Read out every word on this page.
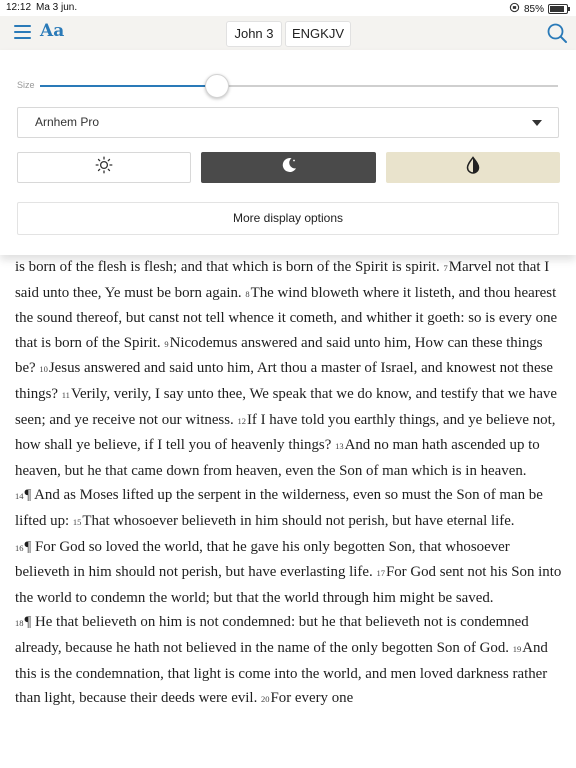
12:12 Ma 3 jun.	85%
Aa	John 3	ENGKJV
Size
Arnhem Pro
More display options

is born of the flesh is flesh; and that which is born of the Spirit is spirit. 7Marvel not that I said unto thee, Ye must be born again. 8The wind bloweth where it listeth, and thou hearest the sound thereof, but canst not tell whence it cometh, and whither it goeth: so is every one that is born of the Spirit. 9Nicodemus answered and said unto him, How can these things be? 10Jesus answered and said unto him, Art thou a master of Israel, and knowest not these things? 11Verily, verily, I say unto thee, We speak that we do know, and testify that we have seen; and ye receive not our witness. 12If I have told you earthly things, and ye believe not, how shall ye believe, if I tell you of heavenly things? 13And no man hath ascended up to heaven, but he that came down from heaven, even the Son of man which is in heaven.

14¶ And as Moses lifted up the serpent in the wilderness, even so must the Son of man be lifted up: 15That whosoever believeth in him should not perish, but have eternal life.

16¶ For God so loved the world, that he gave his only begotten Son, that whosoever believeth in him should not perish, but have everlasting life. 17For God sent not his Son into the world to condemn the world; but that the world through him might be saved.

18¶ He that believeth on him is not condemned: but he that believeth not is condemned already, because he hath not believed in the name of the only begotten Son of God. 19And this is the condemnation, that light is come into the world, and men loved darkness rather than light, because their deeds were evil. 20For every one
